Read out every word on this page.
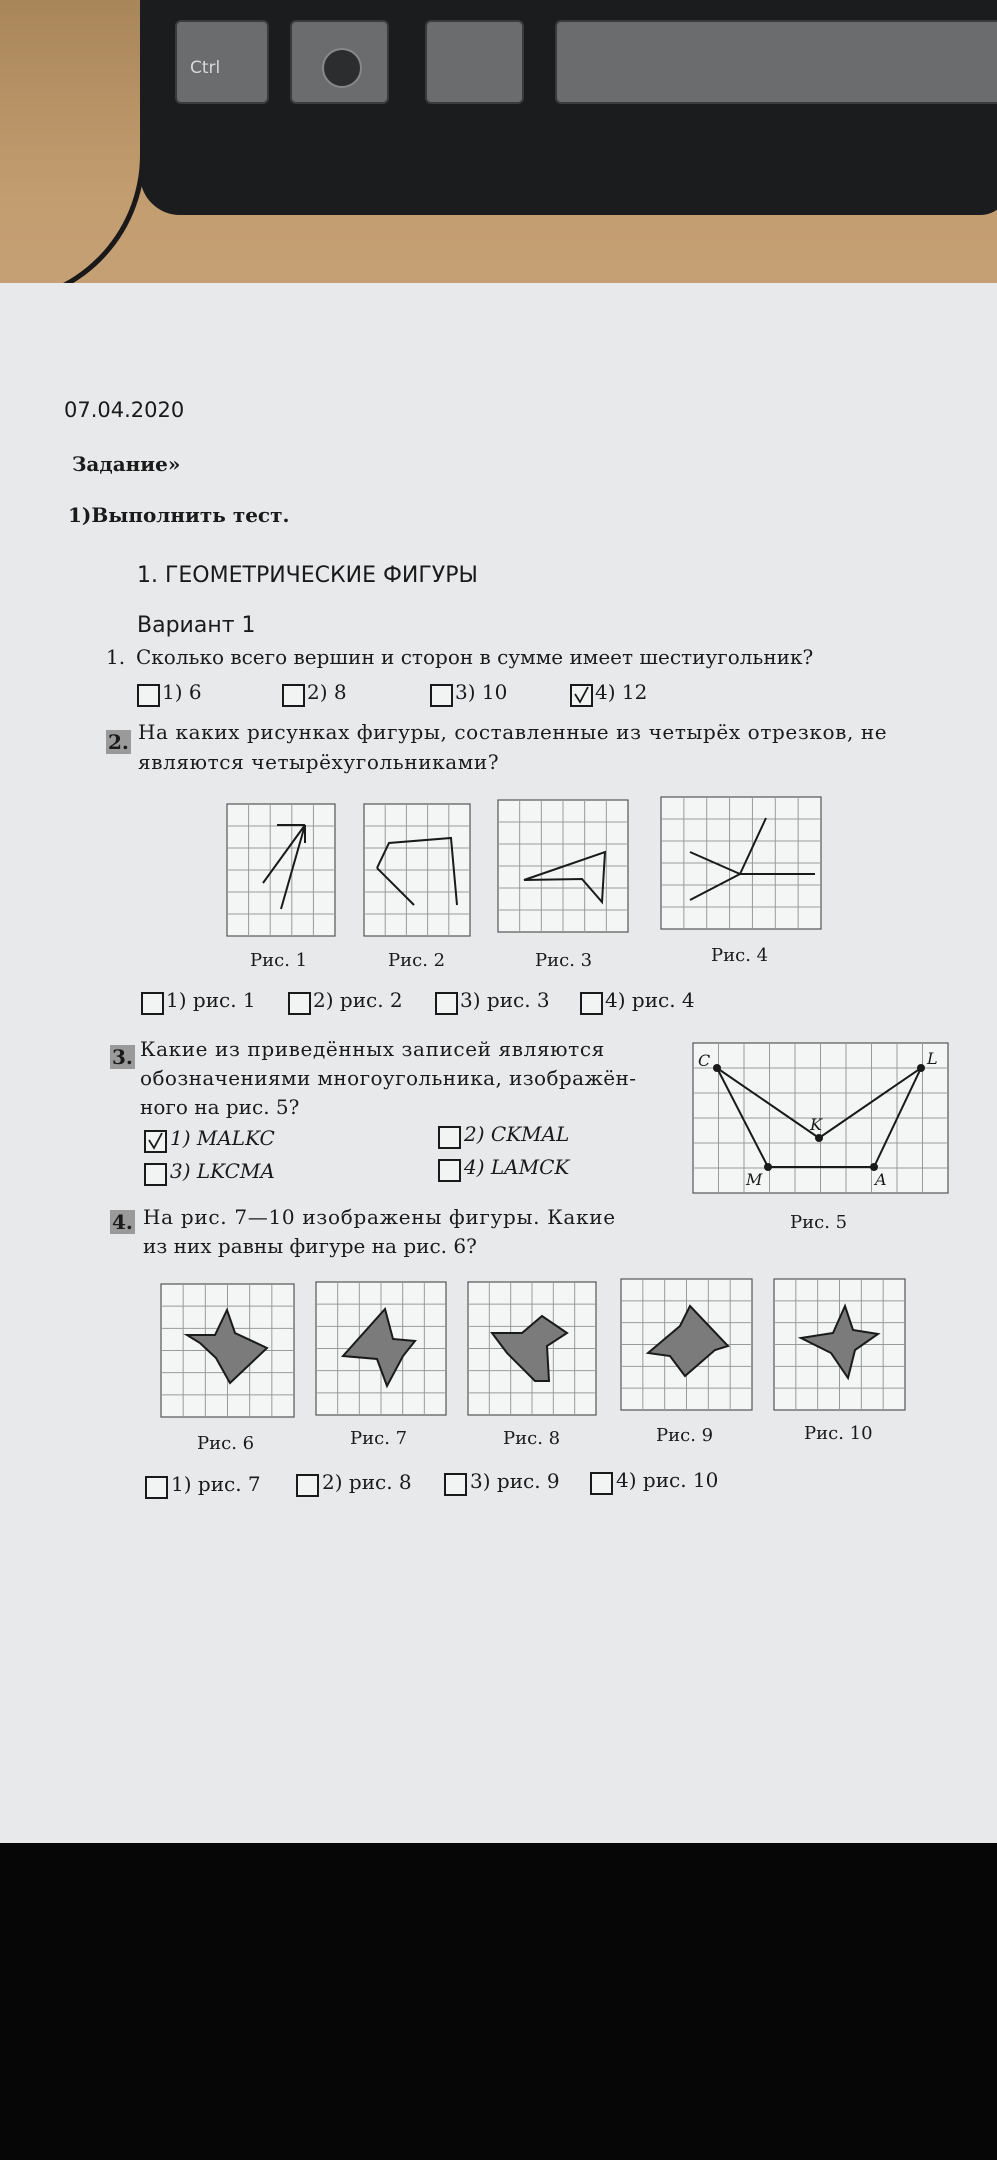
Ctrl
07.04.2020
Задание»
1)Выполнить тест.
1. ГЕОМЕТРИЧЕСКИЕ ФИГУРЫ
Вариант 1
1. Сколько всего вершин и сторон в сумме имеет шестиугольник?
1) 6	2) 8	3) 10	4) 12
2. На каких рисунках фигуры, составленные из четырёх отрезков, не
являются четырёхугольниками?
Рис. 1	Рис. 2	Рис. 3	Рис. 4
1) рис. 1	2) рис. 2	3) рис. 3	4) рис. 4
3. Какие из приведённых записей являются
обозначениями многоугольника, изображён-
ного на рис. 5?
1) MALKC	2) CKMAL
3) LKCMA	4) LAMCK
C	L
K
M	A
Рис. 5
4. На рис. 7—10 изображены фигуры. Какие
из них равны фигуре на рис. 6?
Рис. 6	Рис. 7	Рис. 8	Рис. 9	Рис. 10
1) рис. 7	2) рис. 8	3) рис. 9	4) рис. 10
